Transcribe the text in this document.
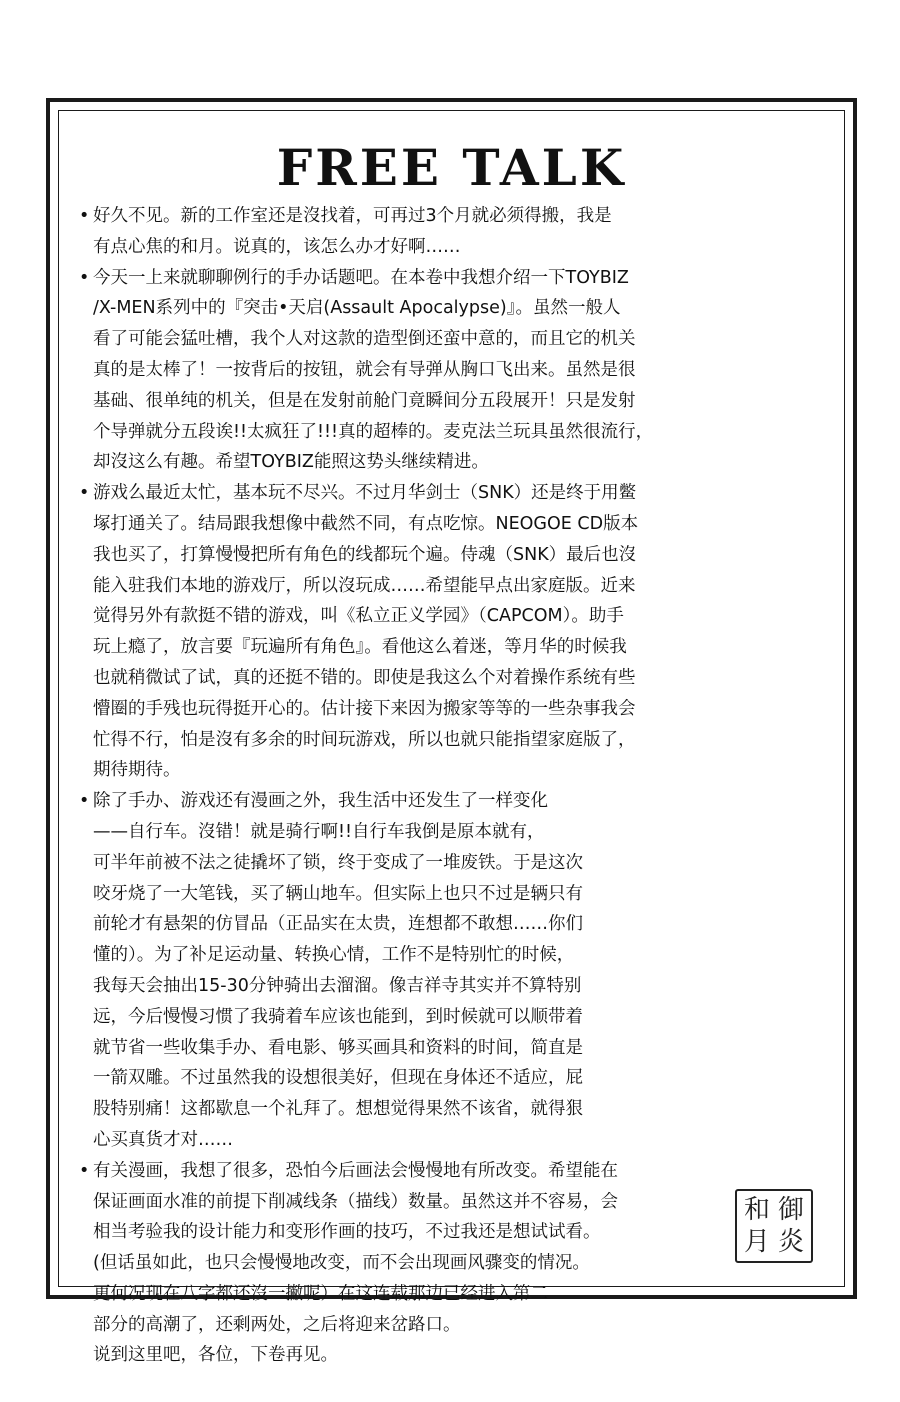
FREE TALK

• 好久不见。新的工作室还是沒找着，可再过3个月就必须得搬，我是
有点心焦的和月。说真的，该怎么办才好啊……

• 今天一上来就聊聊例行的手办话题吧。在本卷中我想介绍一下TOYBIZ
/X-MEN系列中的『突击•天启(Assault Apocalypse)』。虽然一般人
看了可能会猛吐槽，我个人对这款的造型倒还蛮中意的，而且它的机关
真的是太棒了！一按背后的按钮，就会有导弹从胸口飞出来。虽然是很
基础、很单纯的机关，但是在发射前舱门竟瞬间分五段展开！只是发射
个导弹就分五段诶!!太疯狂了!!!真的超棒的。麦克法兰玩具虽然很流行，
却沒这么有趣。希望TOYBIZ能照这势头继续精进。

• 游戏么最近太忙，基本玩不尽兴。不过月华剑士（SNK）还是终于用鳖
塚打通关了。结局跟我想像中截然不同，有点吃惊。NEOGOE CD版本
我也买了，打算慢慢把所有角色的线都玩个遍。侍魂（SNK）最后也沒
能入驻我们本地的游戏厅，所以沒玩成……希望能早点出家庭版。近来
觉得另外有款挺不错的游戏，叫《私立正义学园》（CAPCOM）。助手
玩上瘾了，放言要『玩遍所有角色』。看他这么着迷，等月华的时候我
也就稍微试了试，真的还挺不错的。即使是我这么个对着操作系统有些
懵圈的手残也玩得挺开心的。估计接下来因为搬家等等的一些杂事我会
忙得不行，怕是沒有多余的时间玩游戏，所以也就只能指望家庭版了，
期待期待。

• 除了手办、游戏还有漫画之外，我生活中还发生了一样变化
——自行车。沒错！就是骑行啊!!自行车我倒是原本就有，
可半年前被不法之徒撬坏了锁，终于变成了一堆废铁。于是这次
咬牙烧了一大笔钱，买了辆山地车。但实际上也只不过是辆只有
前轮才有悬架的仿冒品（正品实在太贵，连想都不敢想……你们
懂的）。为了补足运动量、转换心情，工作不是特别忙的时候，
我每天会抽出15-30分钟骑出去溜溜。像吉祥寺其实并不算特别
远，今后慢慢习惯了我骑着车应该也能到，到时候就可以顺带着
就节省一些收集手办、看电影、够买画具和资料的时间，简直是
一箭双雕。不过虽然我的设想很美好，但现在身体还不适应，屁
股特别痛！这都歇息一个礼拜了。想想觉得果然不该省，就得狠
心买真货才对……

• 有关漫画，我想了很多，恐怕今后画法会慢慢地有所改变。希望能在
保证画面水准的前提下削减线条（描线）数量。虽然这并不容易，会
相当考验我的设计能力和变形作画的技巧，不过我还是想试试看。
(但话虽如此，也只会慢慢地改变，而不会出现画风骤变的情况。
更何况现在八字都还沒一撇呢）在这连载那边已经进入第二
部分的高潮了，还剩两处，之后将迎来岔路口。
说到这里吧，各位，下卷再见。

和 御
月 炎
